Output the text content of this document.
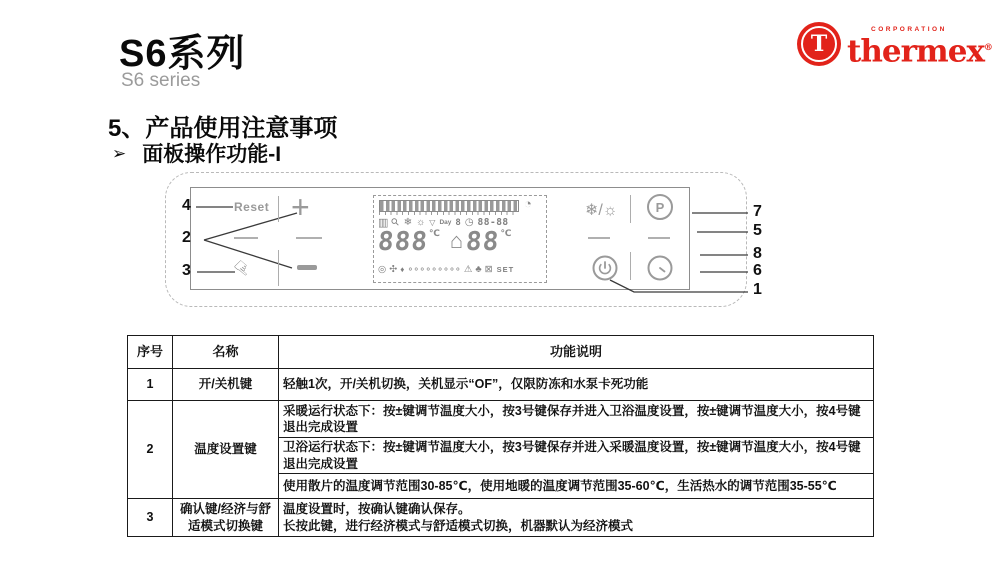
S6系列
S6 series
5、产品使用注意事项
➢ 面板操作功能-I
T
CORPORATION
thermex®
4
2
3
7
5
8
6
1
Reset +
☝
❄/☼	P
◔
▥ ⚲ ❄ ☼ ▽ Day 8 ◷ 88-88
888 ℃ ⌂ 88 ℃
◎ ✣ ♦ ∘∘∘∘∘∘∘∘∘ ⚠ ♣ ⊠ SET
序号	名称	功能说明
1	开/关机键	轻触1次，开/关机切换，关机显示“OF”，仅限防冻和水泵卡死功能
2	温度设置键	采暖运行状态下：按±键调节温度大小，按3号键保存并进入卫浴温度设置，按±键调节温度大小，按4号键退出完成设置
		卫浴运行状态下：按±键调节温度大小，按3号键保存并进入采暖温度设置，按±键调节温度大小，按4号键退出完成设置
		使用散片的温度调节范围30-85℃，使用地暖的温度调节范围35-60℃，生活热水的调节范围35-55℃
3	确认键/经济与舒适模式切换键	温度设置时，按确认键确认保存。
长按此键，进行经济模式与舒适模式切换，机器默认为经济模式
